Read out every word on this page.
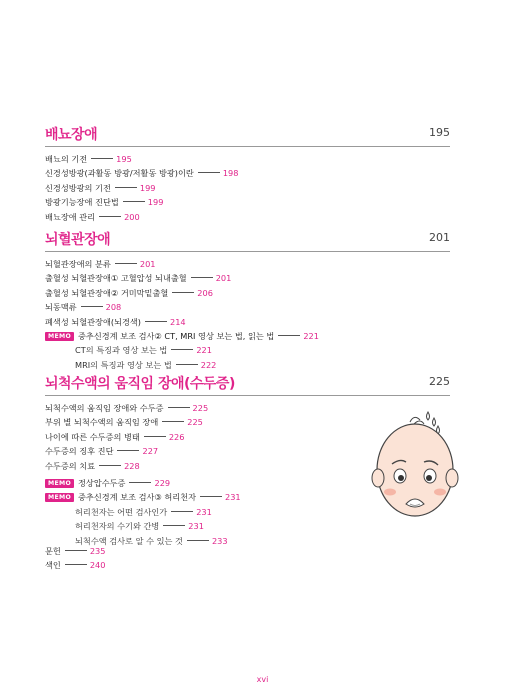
배뇨장애	195
배뇨의 기전	195
신경성방광(과활동 방광/저활동 방광)이란	198
신경성방광의 기전	199
방광기능장애 진단법	199
배뇨장애 관리	200
뇌혈관장애	201
뇌혈관장애의 분류	201
출혈성 뇌혈관장애① 고혈압성 뇌내출혈	201
출혈성 뇌혈관장애② 거미막밑출혈	206
뇌동맥류	208
폐색성 뇌혈관장애(뇌경색)	214
MEMO 중추신경계 보조 검사② CT, MRI 영상 보는 법, 읽는 법	221
CT의 특징과 영상 보는 법	221
MRI의 특징과 영상 보는 법	222
뇌척수액의 움직임 장애(수두증)	225
뇌척수액의 움직임 장애와 수두증	225
부위 별 뇌척수액의 움직임 장애	225
나이에 따른 수두증의 병태	226
수두증의 징후 진단	227
수두증의 치료	228
MEMO 정상압수두증	229
MEMO 중추신경계 보조 검사③ 허리천자	231
허리천자는 어떤 검사인가	231
허리천자의 수기와 간병	231
뇌척수액 검사로 알 수 있는 것	233
문헌	235
색인	240
xvi
